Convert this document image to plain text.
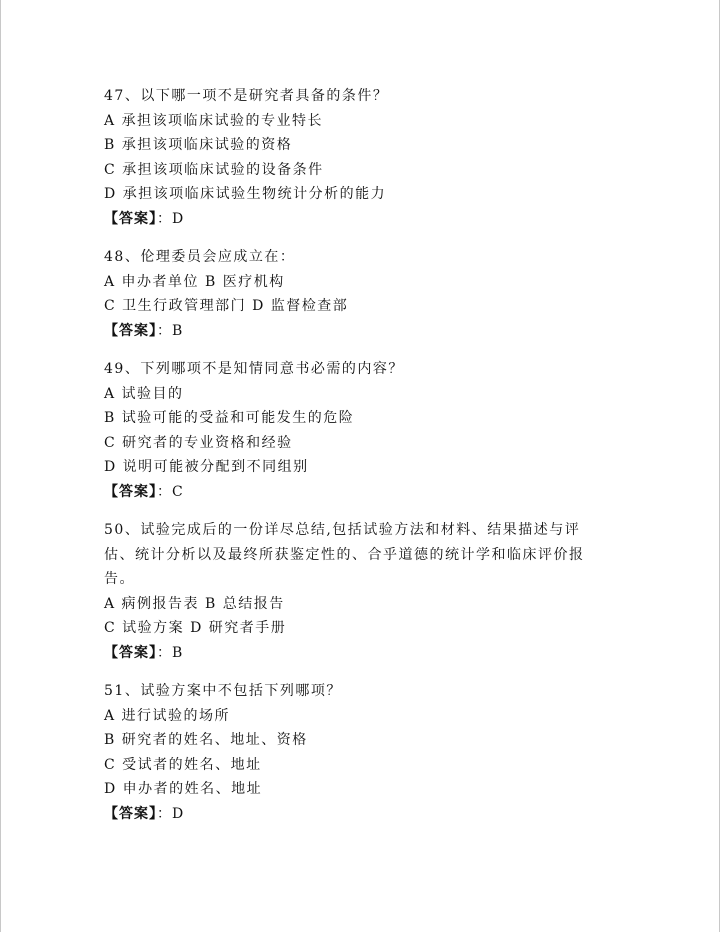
47、以下哪一项不是研究者具备的条件？
A 承担该项临床试验的专业特长
B 承担该项临床试验的资格
C 承担该项临床试验的设备条件
D 承担该项临床试验生物统计分析的能力
【答案】：D
48、伦理委员会应成立在：
A 申办者单位 B 医疗机构
C 卫生行政管理部门 D 监督检查部
【答案】：B
49、下列哪项不是知情同意书必需的内容？
A 试验目的
B 试验可能的受益和可能发生的危险
C 研究者的专业资格和经验
D 说明可能被分配到不同组别
【答案】：C
50、试验完成后的一份详尽总结,包括试验方法和材料、结果描述与评估、统计分析以及最终所获鉴定性的、合乎道德的统计学和临床评价报告。
A 病例报告表 B 总结报告
C 试验方案 D 研究者手册
【答案】：B
51、试验方案中不包括下列哪项？
A 进行试验的场所
B 研究者的姓名、地址、资格
C 受试者的姓名、地址
D 申办者的姓名、地址
【答案】：D
